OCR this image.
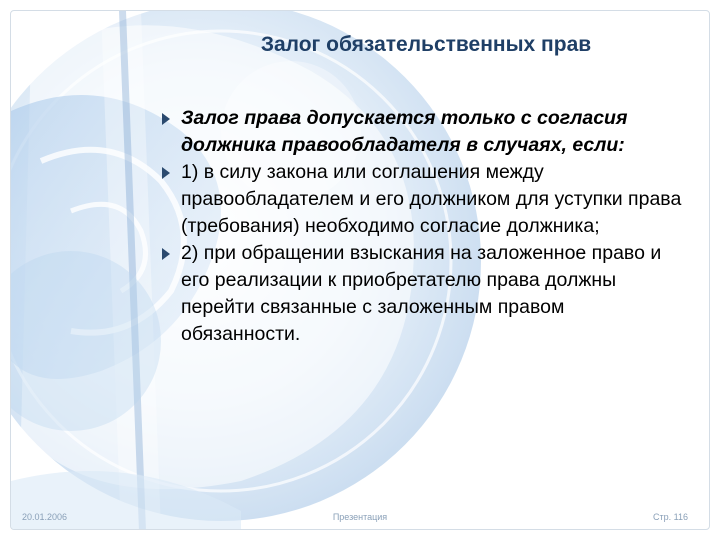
Залог обязательственных прав
Залог права допускается только с согласия должника правообладателя в случаях, если:
1) в силу закона или соглашения между правообладателем и его должником для уступки права (требования) необходимо согласие должника;
2) при обращении взыскания на заложенное право и его реализации к приобретателю права должны перейти связанные с заложенным правом обязанности.
20.01.2006	Презентация	Стр. 116
